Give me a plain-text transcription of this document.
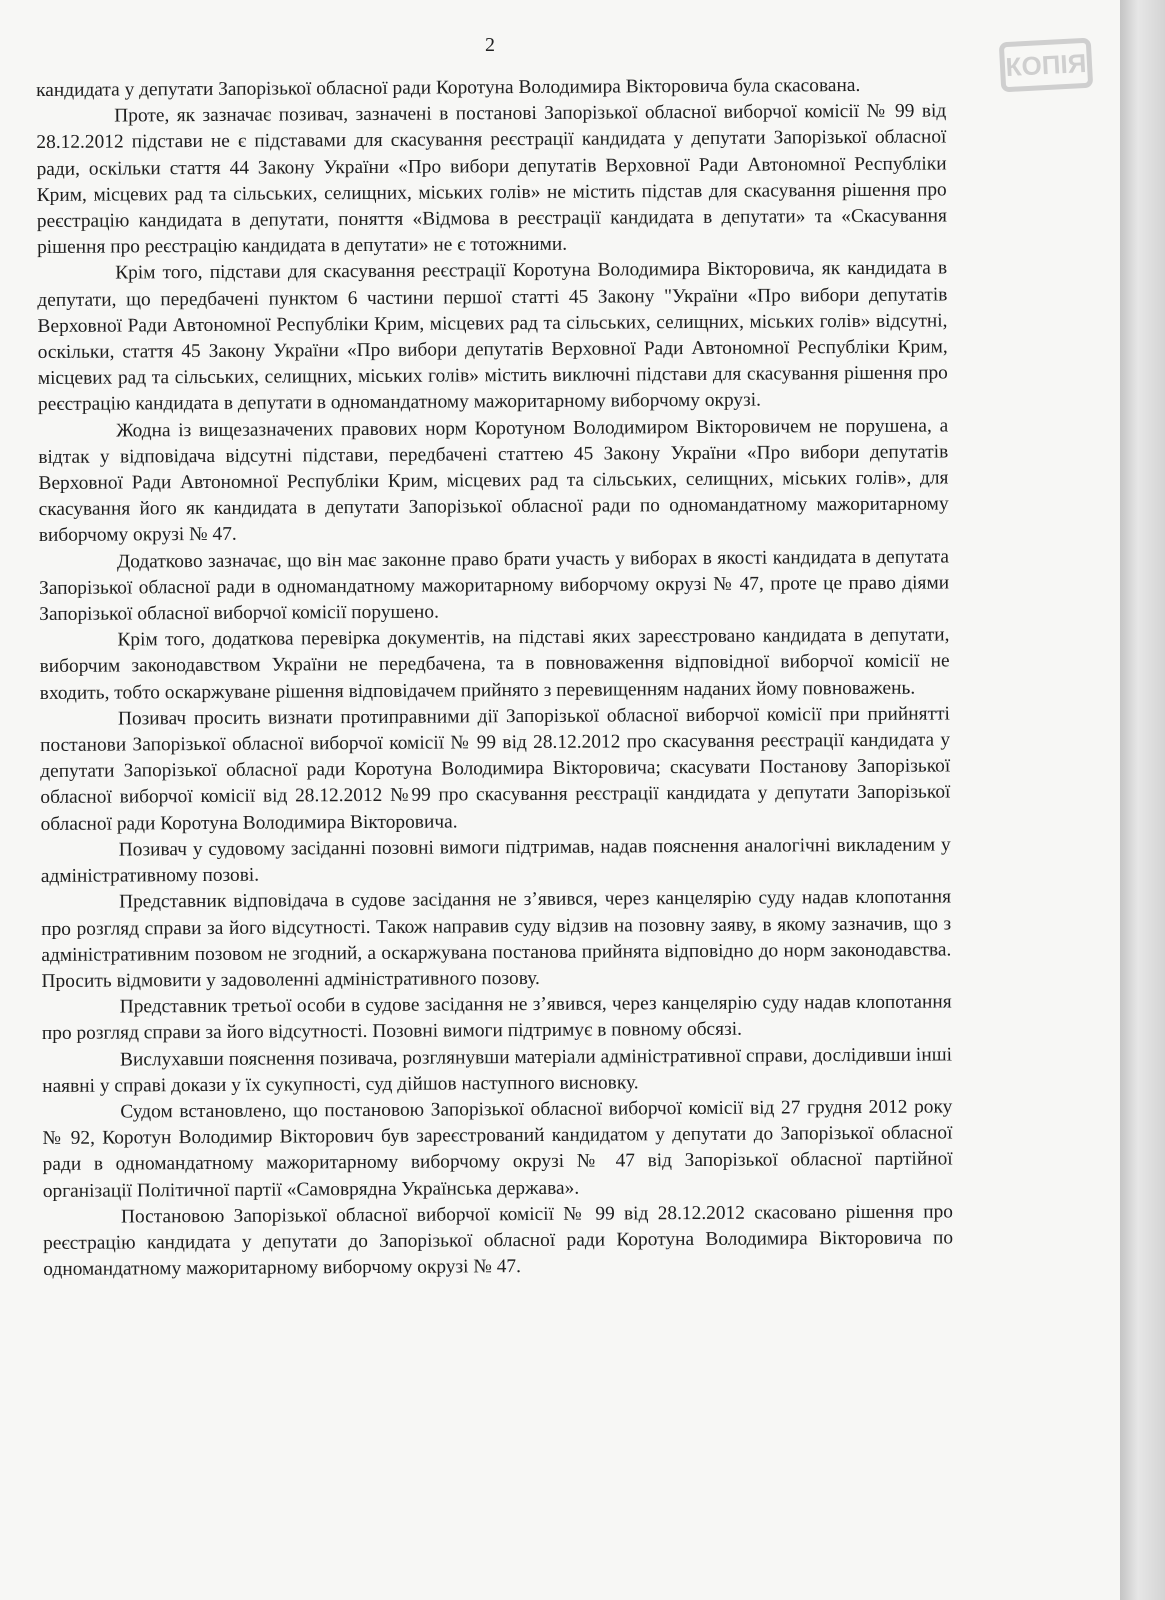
КОПІЯ
2

кандидата у депутати Запорізької обласної ради Коротуна Володимира Вікторовича була скасована.

Проте, як зазначає позивач, зазначені в постанові Запорізької обласної виборчої комісії № 99 від 28.12.2012 підстави не є підставами для скасування реєстрації кандидата у депутати Запорізької обласної ради, оскільки стаття 44 Закону України «Про вибори депутатів Верховної Ради Автономної Республіки Крим, місцевих рад та сільських, селищних, міських голів» не містить підстав для скасування рішення про реєстрацію кандидата в депутати, поняття «Відмова в реєстрації кандидата в депутати» та «Скасування рішення про реєстрацію кандидата в депутати» не є тотожними.

Крім того, підстави для скасування реєстрації Коротуна Володимира Вікторовича, як кандидата в депутати, що передбачені пунктом 6 частини першої статті 45 Закону "України «Про вибори депутатів Верховної Ради Автономної Республіки Крим, місцевих рад та сільських, селищних, міських голів» відсутні, оскільки, стаття 45 Закону України «Про вибори депутатів Верховної Ради Автономної Республіки Крим, місцевих рад та сільських, селищних, міських голів» містить виключні підстави для скасування рішення про реєстрацію кандидата в депутати в одномандатному мажоритарному виборчому окрузі.

Жодна із вищезазначених правових норм Коротуном Володимиром Вікторовичем не порушена, а відтак у відповідача відсутні підстави, передбачені статтею 45 Закону України «Про вибори депутатів Верховної Ради Автономної Республіки Крим, місцевих рад та сільських, селищних, міських голів», для скасування його як кандидата в депутати Запорізької обласної ради по одномандатному мажоритарному виборчому окрузі № 47.

Додатково зазначає, що він має законне право брати участь у виборах в якості кандидата в депутата Запорізької обласної ради в одномандатному мажоритарному виборчому окрузі № 47, проте це право діями Запорізької обласної виборчої комісії порушено.

Крім того, додаткова перевірка документів, на підставі яких зареєстровано кандидата в депутати, виборчим законодавством України не передбачена, та в повноваження відповідної виборчої комісії не входить, тобто оскаржуване рішення відповідачем прийнято з перевищенням наданих йому повноважень.

Позивач просить визнати протиправними дії Запорізької обласної виборчої комісії при прийнятті постанови Запорізької обласної виборчої комісії № 99 від 28.12.2012 про скасування реєстрації кандидата у депутати Запорізької обласної ради Коротуна Володимира Вікторовича; скасувати Постанову Запорізької обласної виборчої комісії від 28.12.2012 №99 про скасування реєстрації кандидата у депутати Запорізької обласної ради Коротуна Володимира Вікторовича.

Позивач у судовому засіданні позовні вимоги підтримав, надав пояснення аналогічні викладеним у адміністративному позові.

Представник відповідача в судове засідання не з’явився, через канцелярію суду надав клопотання про розгляд справи за його відсутності. Також направив суду відзив на позовну заяву, в якому зазначив, що з адміністративним позовом не згодний, а оскаржувана постанова прийнята відповідно до норм законодавства. Просить відмовити у задоволенні адміністративного позову.

Представник третьої особи в судове засідання не з’явився, через канцелярію суду надав клопотання про розгляд справи за його відсутності. Позовні вимоги підтримує в повному обсязі.

Вислухавши пояснення позивача, розглянувши матеріали адміністративної справи, дослідивши інші наявні у справі докази у їх сукупності, суд дійшов наступного висновку.

Судом встановлено, що постановою Запорізької обласної виборчої комісії від 27 грудня 2012 року № 92, Коротун Володимир Вікторович був зареєстрований кандидатом у депутати до Запорізької обласної ради в одномандатному мажоритарному виборчому окрузі № 47 від Запорізької обласної партійної організації Політичної партії «Самоврядна Українська держава».

Постановою Запорізької обласної виборчої комісії № 99 від 28.12.2012 скасовано рішення про реєстрацію кандидата у депутати до Запорізької обласної ради Коротуна Володимира Вікторовича по одномандатному мажоритарному виборчому окрузі № 47.
